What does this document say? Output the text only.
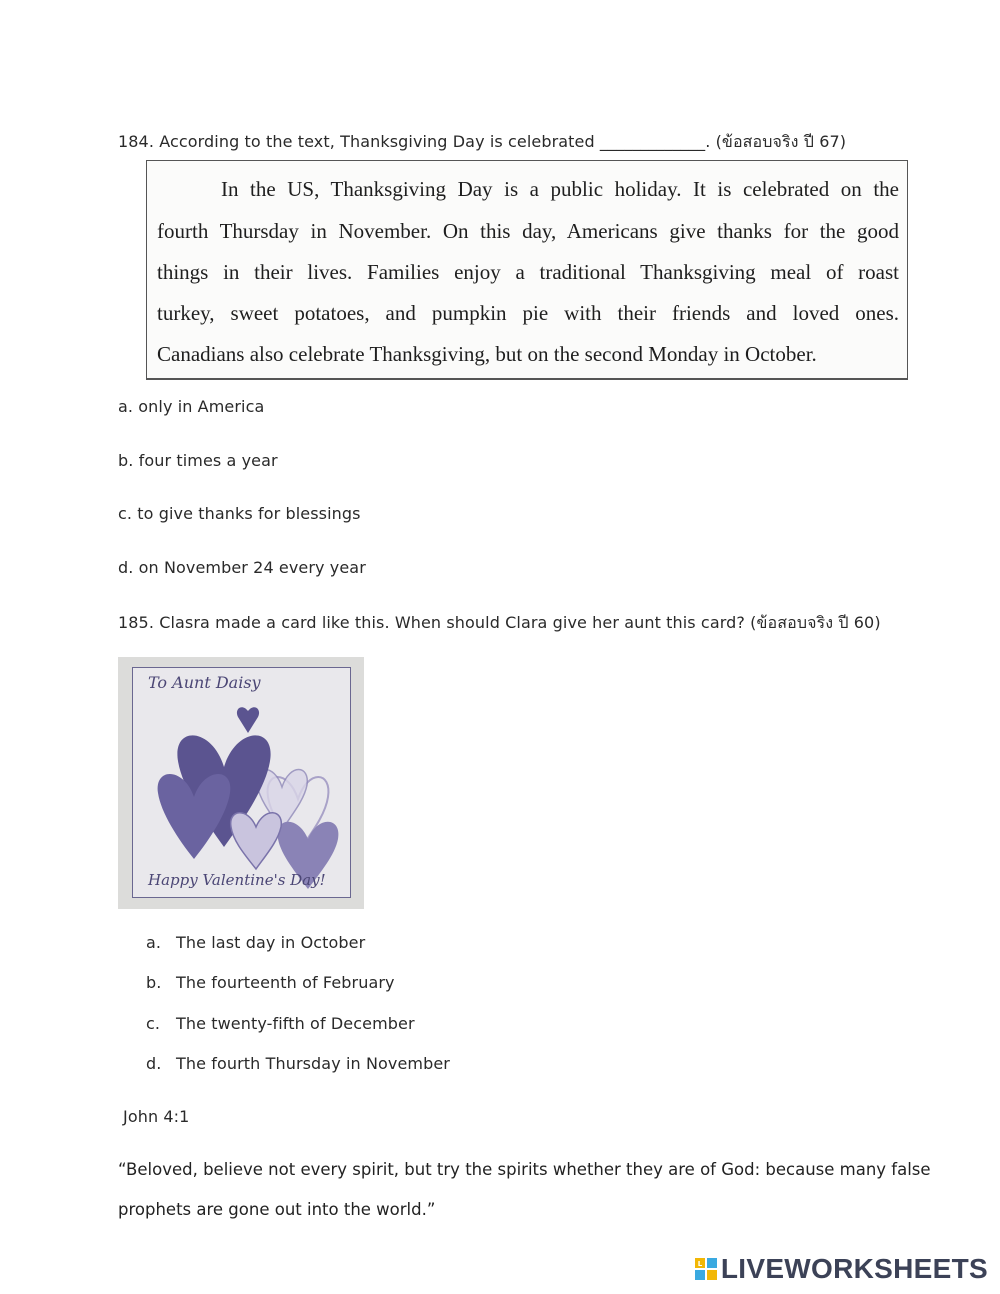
184. According to the text, Thanksgiving Day is celebrated _____________. (ข้อสอบจริง ปี 67)
In the US, Thanksgiving Day is a public holiday. It is celebrated on the
fourth Thursday in November. On this day, Americans give thanks for the good
things in their lives. Families enjoy a traditional Thanksgiving meal of roast
turkey, sweet potatoes, and pumpkin pie with their friends and loved ones.
Canadians also celebrate Thanksgiving, but on the second Monday in October.
a. only in America
b. four times a year
c. to give thanks for blessings
d. on November 24 every year
185. Clasra made a card like this. When should Clara give her aunt this card? (ข้อสอบจริง ปี 60)
To Aunt Daisy
Happy Valentine's Day!
a. The last day in October
b. The fourteenth of February
c. The twenty-fifth of December
d. The fourth Thursday in November
John 4:1
“Beloved, believe not every spirit, but try the spirits whether they are of God: because many false
prophets are gone out into the world.”
L LIVEWORKSHEETS
